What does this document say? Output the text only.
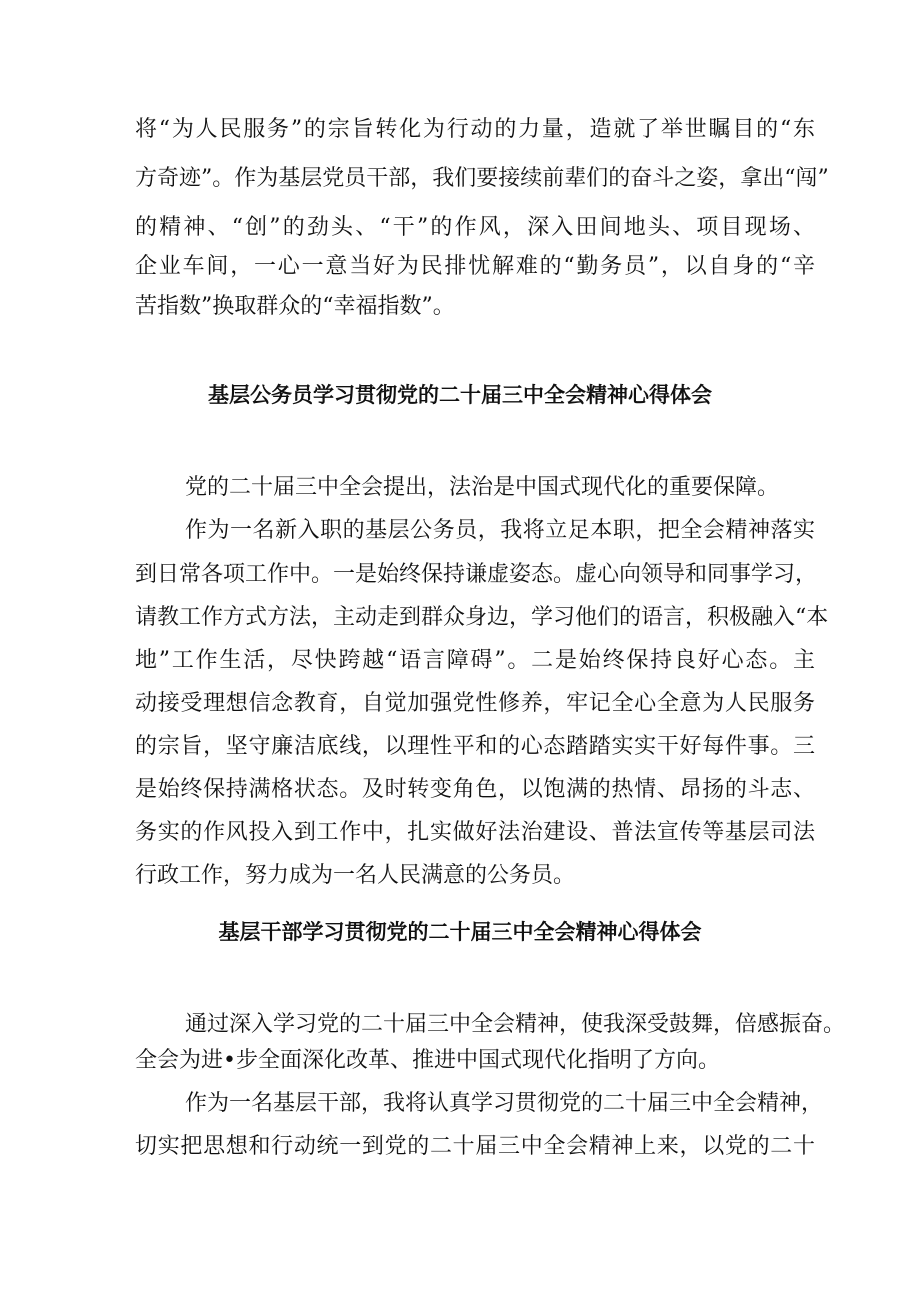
将“为人民服务”的宗旨转化为行动的力量，造就了举世瞩目的“东
方奇迹”。作为基层党员干部，我们要接续前辈们的奋斗之姿，拿出“闯”
的精神、“创”的劲头、“干”的作风，深入田间地头、项目现场、
企业车间，一心一意当好为民排忧解难的“勤务员”，以自身的“辛
苦指数”换取群众的“幸福指数”。
基层公务员学习贯彻党的二十届三中全会精神心得体会
党的二十届三中全会提出，法治是中国式现代化的重要保障。
作为一名新入职的基层公务员，我将立足本职，把全会精神落实
到日常各项工作中。一是始终保持谦虚姿态。虚心向领导和同事学习，
请教工作方式方法，主动走到群众身边，学习他们的语言，积极融入“本
地”工作生活，尽快跨越“语言障碍”。二是始终保持良好心态。主
动接受理想信念教育，自觉加强党性修养，牢记全心全意为人民服务
的宗旨，坚守廉洁底线，以理性平和的心态踏踏实实干好每件事。三
是始终保持满格状态。及时转变角色，以饱满的热情、昂扬的斗志、
务实的作风投入到工作中，扎实做好法治建设、普法宣传等基层司法
行政工作，努力成为一名人民满意的公务员。
基层干部学习贯彻党的二十届三中全会精神心得体会
通过深入学习党的二十届三中全会精神，使我深受鼓舞，倍感振奋。
全会为进•步全面深化改革、推进中国式现代化指明了方向。
作为一名基层干部，我将认真学习贯彻党的二十届三中全会精神，
切实把思想和行动统一到党的二十届三中全会精神上来，以党的二十
